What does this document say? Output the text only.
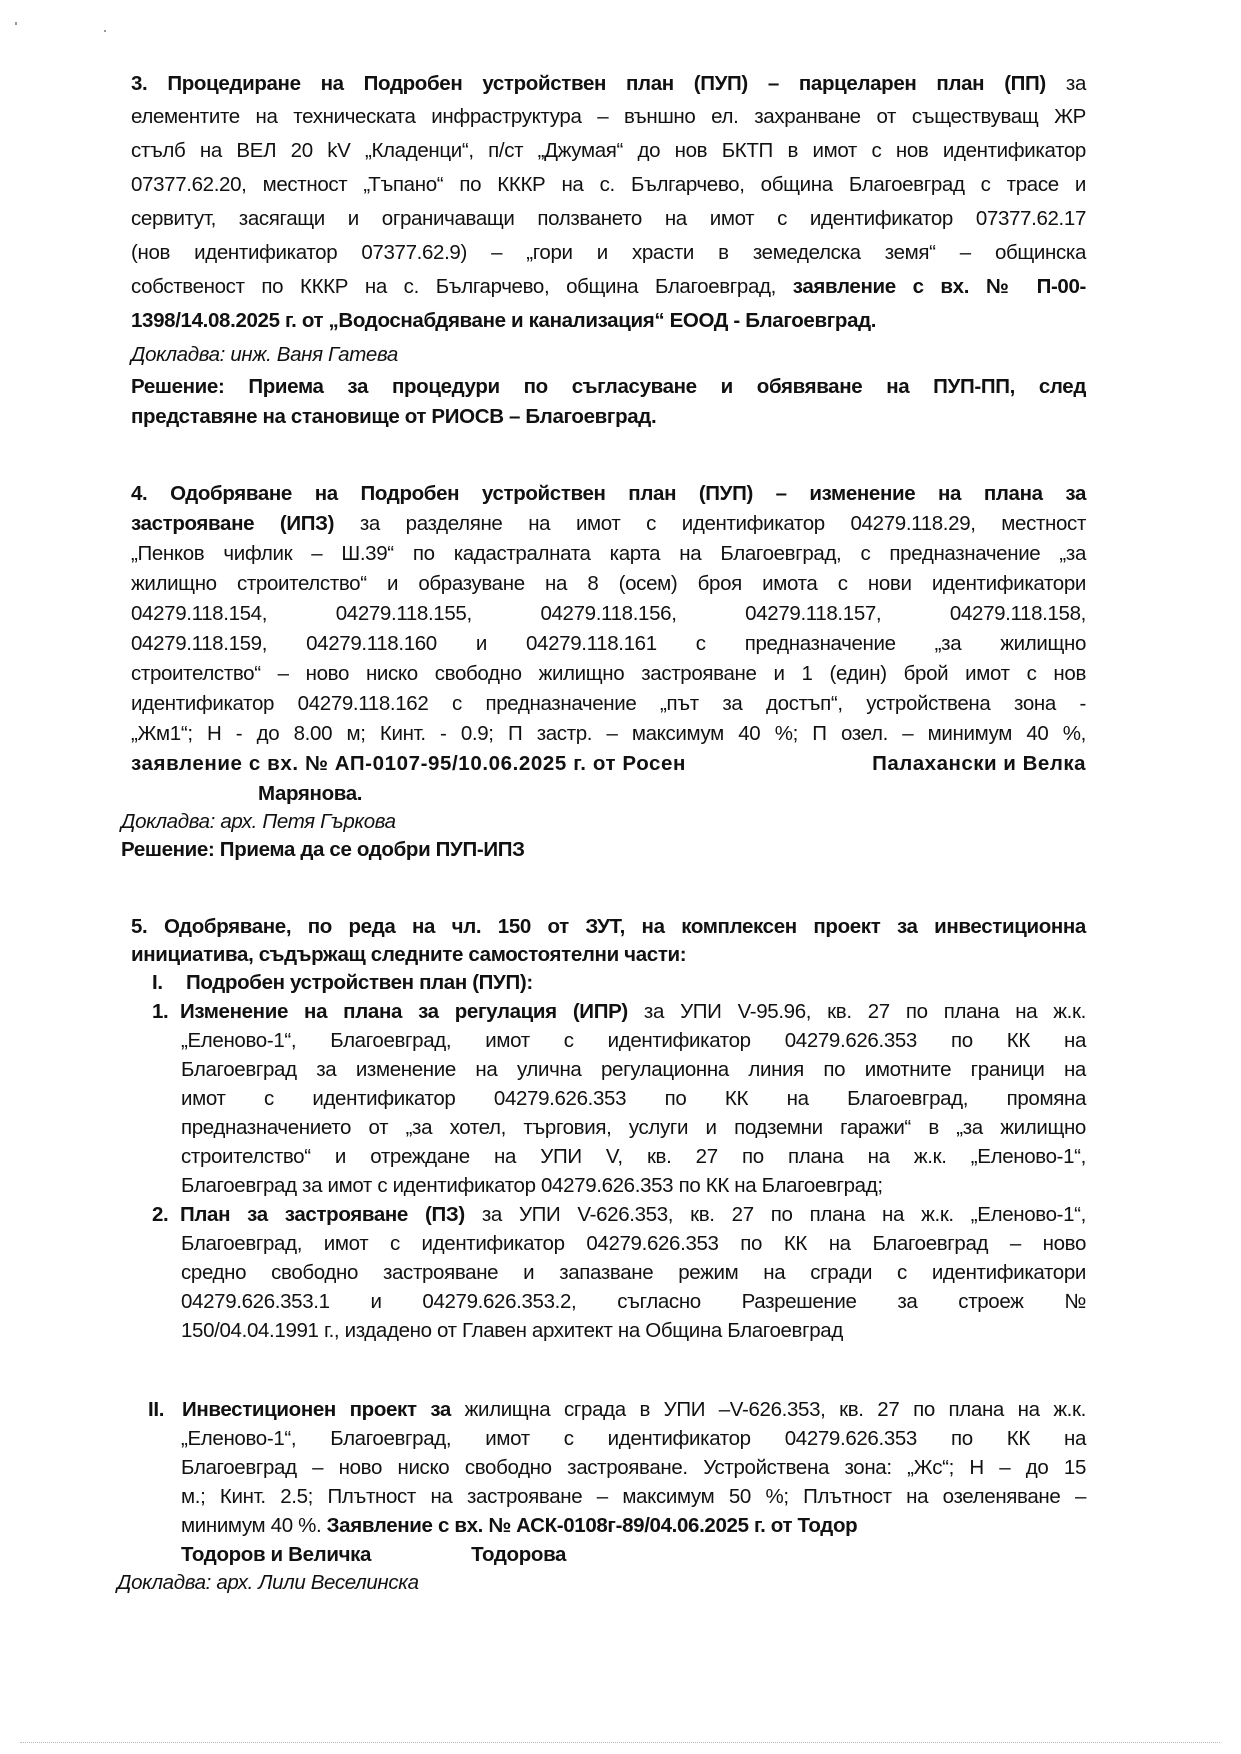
3. Процедиране на Подробен устройствен план (ПУП) – парцеларен план (ПП) за
елементите на техническата инфраструктура – външно ел. захранване от съществуващ ЖР
стълб на ВЕЛ 20 kV „Кладенци“, п/ст „Джумая“ до нов БКТП в имот с нов идентификатор
07377.62.20, местност „Тъпано“ по КККР на с. Българчево, община Благоевград с трасе и
сервитут, засягащи и ограничаващи ползването на имот с идентификатор 07377.62.17
(нов идентификатор 07377.62.9) – „гори и храсти в земеделска земя“ – общинска
собственост по КККР на с. Българчево, община Благоевград, заявление с вх. № П-00-
1398/14.08.2025 г. от „Водоснабдяване и канализация“ ЕООД - Благоевград.
Докладва: инж. Ваня Гатева
Решение: Приема за процедури по съгласуване и обявяване на ПУП-ПП, след
представяне на становище от РИОСВ – Благоевград.
4. Одобряване на Подробен устройствен план (ПУП) – изменение на плана за
застрояване (ИПЗ) за разделяне на имот с идентификатор 04279.118.29, местност
„Пенков чифлик – Ш.39“ по кадастралната карта на Благоевград, с предназначение „за
жилищно строителство“ и образуване на 8 (осем) броя имота с нови идентификатори
04279.118.154, 04279.118.155, 04279.118.156, 04279.118.157, 04279.118.158,
04279.118.159, 04279.118.160 и 04279.118.161 с предназначение „за жилищно
строителство“ – ново ниско свободно жилищно застрояване и 1 (един) брой имот с нов
идентификатор 04279.118.162 с предназначение „път за достъп“, устройствена зона -
„Жм1“; Н - до 8.00 м; Кинт. - 0.9; П застр. – максимум 40 %; П озел. – минимум 40 %,
заявление с вх. № АП-0107-95/10.06.2025 г. от Росен	Палахански и Велка
Марянова.
Докладва: арх. Петя Гъркова
Решение: Приема да се одобри ПУП-ИПЗ
5. Одобряване, по реда на чл. 150 от ЗУТ, на комплексен проект за инвестиционна
инициатива, съдържащ следните самостоятелни части:
I. Подробен устройствен план (ПУП):
1. Изменение на плана за регулация (ИПР) за УПИ V-95.96, кв. 27 по плана на ж.к.
„Еленово-1“, Благоевград, имот с идентификатор 04279.626.353 по КК на
Благоевград за изменение на улична регулационна линия по имотните граници на
имот с идентификатор 04279.626.353 по КК на Благоевград, промяна
предназначението от „за хотел, търговия, услуги и подземни гаражи“ в „за жилищно
строителство“ и отреждане на УПИ V, кв. 27 по плана на ж.к. „Еленово-1“,
Благоевград за имот с идентификатор 04279.626.353 по КК на Благоевград;
2. План за застрояване (ПЗ) за УПИ V-626.353, кв. 27 по плана на ж.к. „Еленово-1“,
Благоевград, имот с идентификатор 04279.626.353 по КК на Благоевград – ново
средно свободно застрояване и запазване режим на сгради с идентификатори
04279.626.353.1 и 04279.626.353.2, съгласно Разрешение за строеж №
150/04.04.1991 г., издадено от Главен архитект на Община Благоевград
II. Инвестиционен проект за жилищна сграда в УПИ –V-626.353, кв. 27 по плана на ж.к.
„Еленово-1“, Благоевград, имот с идентификатор 04279.626.353 по КК на
Благоевград – ново ниско свободно застрояване. Устройствена зона: „Жс“; Н – до 15
м.; Кинт. 2.5; Плътност на застрояване – максимум 50 %; Плътност на озеленяване –
минимум 40 %. Заявление с вх. № АСК-0108г-89/04.06.2025 г. от Тодор
Тодоров и Величка	Тодорова
Докладва: арх. Лили Веселинска
